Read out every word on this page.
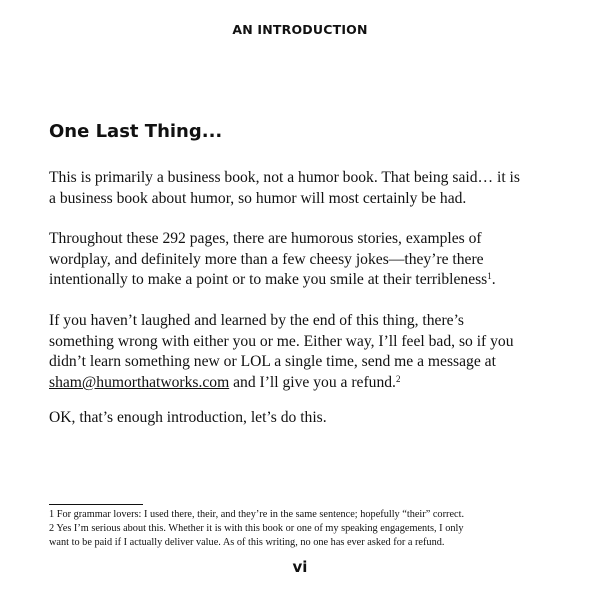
AN INTRODUCTION
One Last Thing...
This is primarily a business book, not a humor book. That being said… it is
a business book about humor, so humor will most certainly be had.
Throughout these 292 pages, there are humorous stories, examples of
wordplay, and definitely more than a few cheesy jokes—they’re there
intentionally to make a point or to make you smile at their terribleness$^1$.
If you haven’t laughed and learned by the end of this thing, there’s
something wrong with either you or me. Either way, I’ll feel bad, so if you
didn’t learn something new or LOL a single time, send me a message at
sham@humorthatworks.com and I’ll give you a refund.$^2$
OK, that’s enough introduction, let’s do this.
1 For grammar lovers: I used there, their, and they’re in the same sentence; hopefully “their” correct.
2 Yes I’m serious about this. Whether it is with this book or one of my speaking engagements, I only
want to be paid if I actually deliver value. As of this writing, no one has ever asked for a refund.
vi
